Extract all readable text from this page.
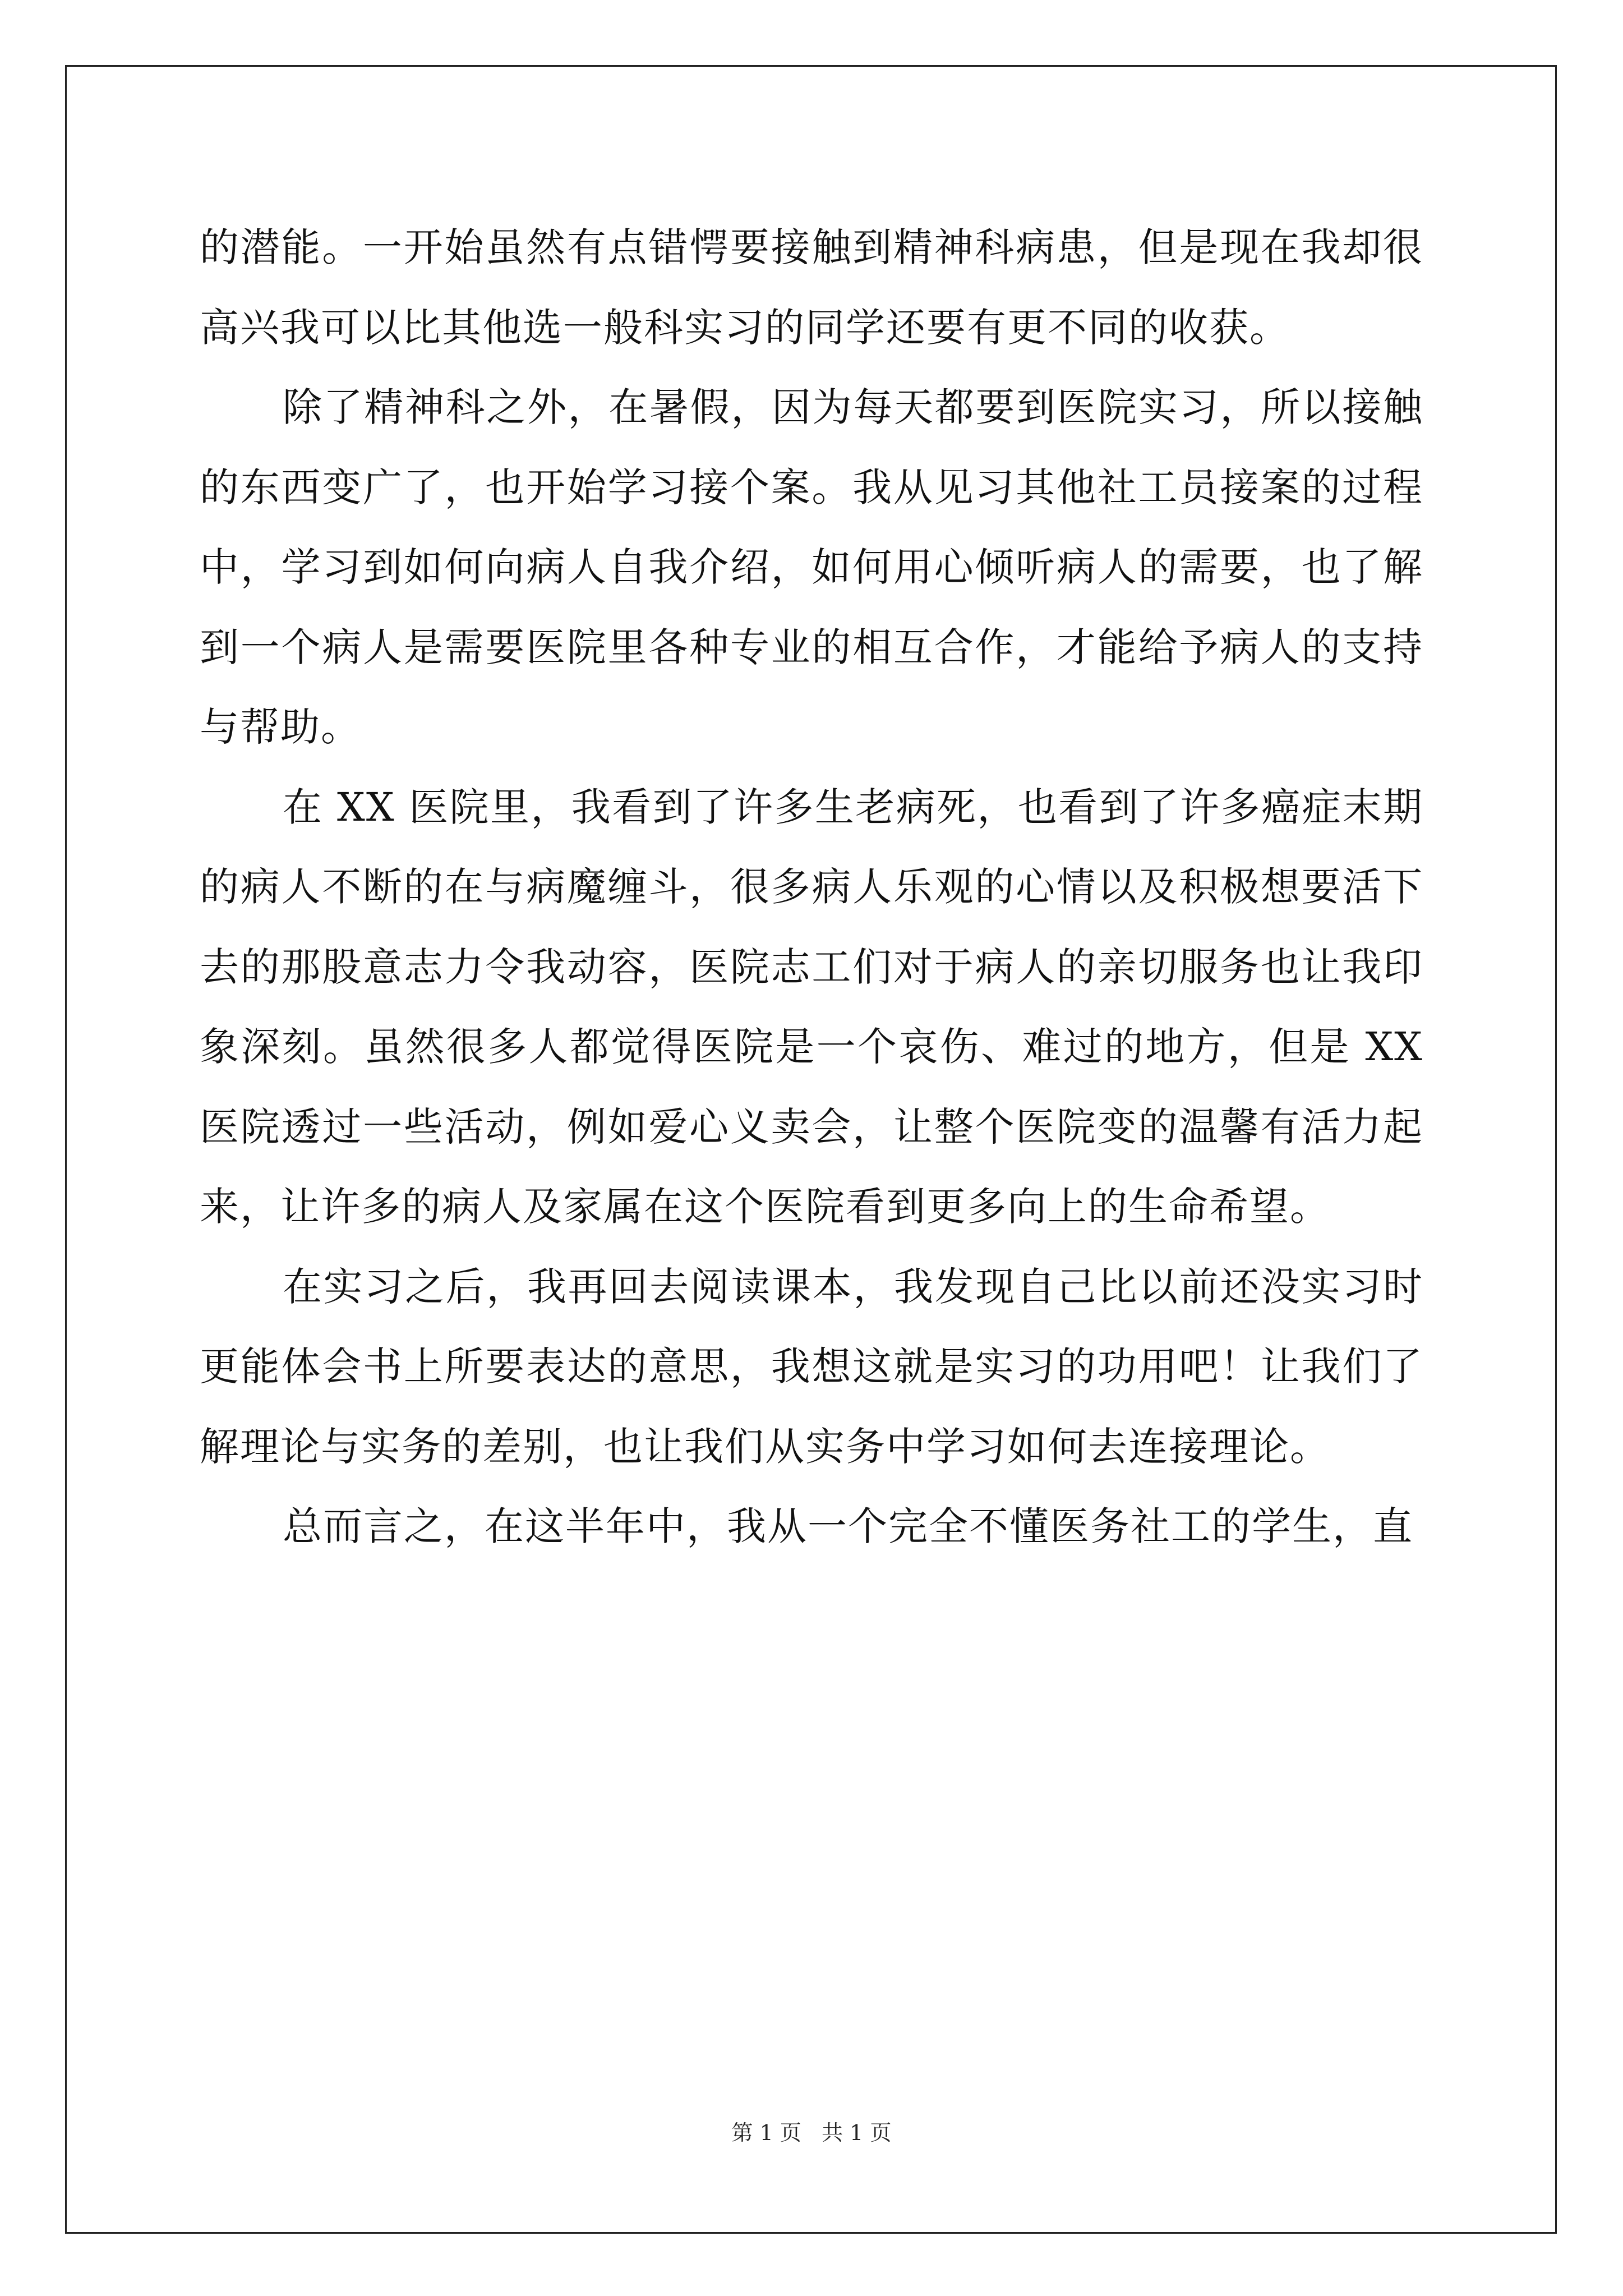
的潜能。一开始虽然有点错愕要接触到精神科病患，但是现在我却很高兴我可以比其他选一般科实习的同学还要有更不同的收获。

除了精神科之外，在暑假，因为每天都要到医院实习，所以接触的东西变广了，也开始学习接个案。我从见习其他社工员接案的过程中，学习到如何向病人自我介绍，如何用心倾听病人的需要，也了解到一个病人是需要医院里各种专业的相互合作，才能给予病人的支持与帮助。

在 XX 医院里，我看到了许多生老病死，也看到了许多癌症末期的病人不断的在与病魔缠斗，很多病人乐观的心情以及积极想要活下去的那股意志力令我动容，医院志工们对于病人的亲切服务也让我印象深刻。虽然很多人都觉得医院是一个哀伤、难过的地方，但是 XX 医院透过一些活动，例如爱心义卖会，让整个医院变的温馨有活力起来，让许多的病人及家属在这个医院看到更多向上的生命希望。

在实习之后，我再回去阅读课本，我发现自己比以前还没实习时更能体会书上所要表达的意思，我想这就是实习的功用吧！让我们了解理论与实务的差别，也让我们从实务中学习如何去连接理论。

总而言之，在这半年中，我从一个完全不懂医务社工的学生，直

第 1 页   共 1 页
